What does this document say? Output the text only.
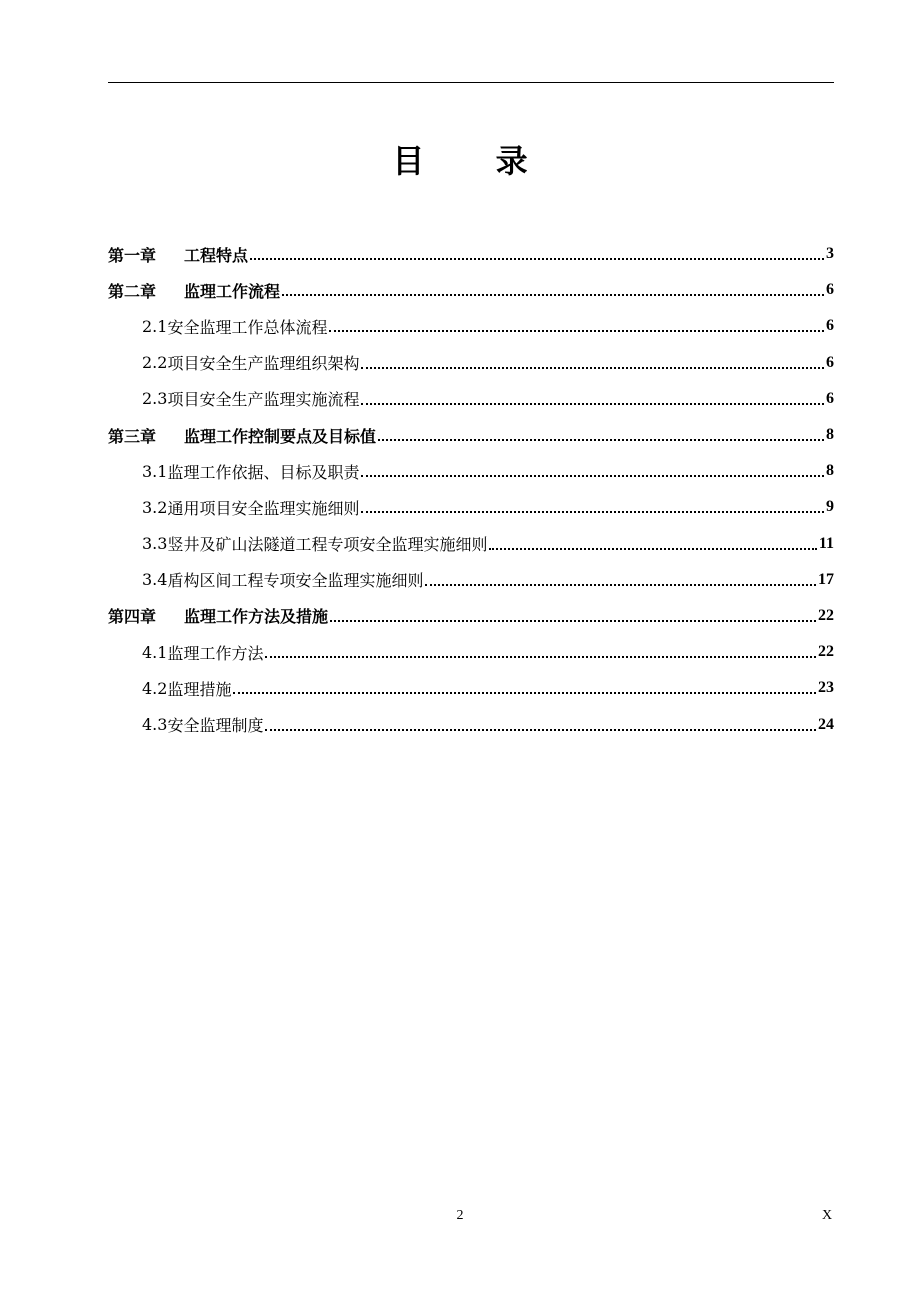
目 录
第一章 工程特点	3
第二章 监理工作流程	6
2.1 安全监理工作总体流程	6
2.2 项目安全生产监理组织架构	6
2.3 项目安全生产监理实施流程	6
第三章 监理工作控制要点及目标值	8
3.1 监理工作依据、目标及职责	8
3.2 通用项目安全监理实施细则	9
3.3 竖井及矿山法隧道工程专项安全监理实施细则	11
3.4 盾构区间工程专项安全监理实施细则	17
第四章 监理工作方法及措施	22
4.1 监理工作方法	22
4.2 监理措施	23
4.3 安全监理制度	24
2	X
